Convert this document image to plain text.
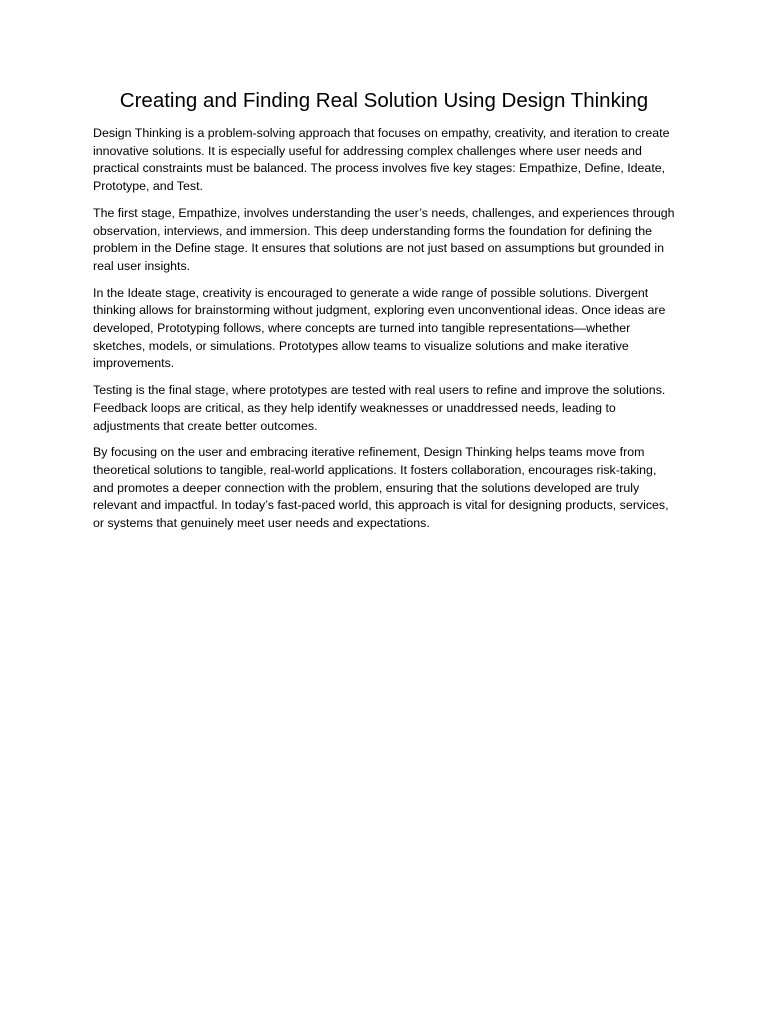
Creating and Finding Real Solution Using Design Thinking

Design Thinking is a problem-solving approach that focuses on empathy, creativity, and iteration to create innovative solutions. It is especially useful for addressing complex challenges where user needs and practical constraints must be balanced. The process involves five key stages: Empathize, Define, Ideate, Prototype, and Test.

The first stage, Empathize, involves understanding the user’s needs, challenges, and experiences through observation, interviews, and immersion. This deep understanding forms the foundation for defining the problem in the Define stage. It ensures that solutions are not just based on assumptions but grounded in real user insights.

In the Ideate stage, creativity is encouraged to generate a wide range of possible solutions. Divergent thinking allows for brainstorming without judgment, exploring even unconventional ideas. Once ideas are developed, Prototyping follows, where concepts are turned into tangible representations—whether sketches, models, or simulations. Prototypes allow teams to visualize solutions and make iterative improvements.

Testing is the final stage, where prototypes are tested with real users to refine and improve the solutions. Feedback loops are critical, as they help identify weaknesses or unaddressed needs, leading to adjustments that create better outcomes.

By focusing on the user and embracing iterative refinement, Design Thinking helps teams move from theoretical solutions to tangible, real-world applications. It fosters collaboration, encourages risk-taking, and promotes a deeper connection with the problem, ensuring that the solutions developed are truly relevant and impactful. In today’s fast-paced world, this approach is vital for designing products, services, or systems that genuinely meet user needs and expectations.
